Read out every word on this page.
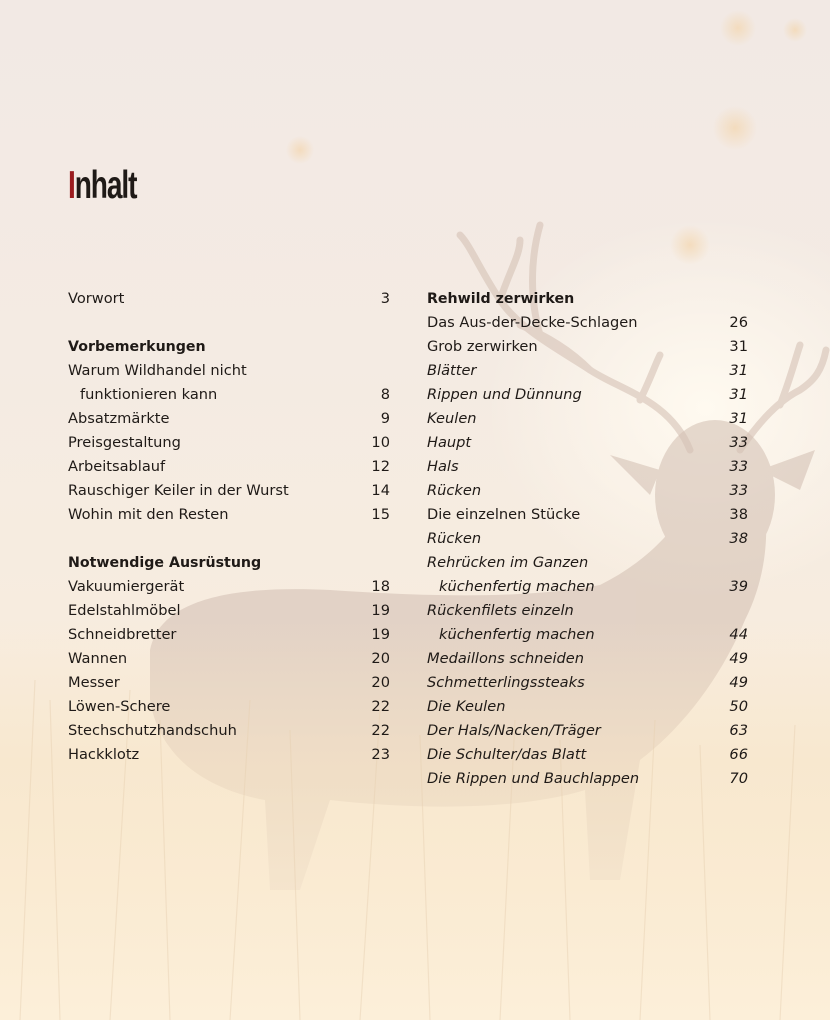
Inhalt
Vorwort	3
Vorbemerkungen
Warum Wildhandel nicht
funktionieren kann	8
Absatzmärkte	9
Preisgestaltung	10
Arbeitsablauf	12
Rauschiger Keiler in der Wurst	14
Wohin mit den Resten	15
Notwendige Ausrüstung
Vakuumiergerät	18
Edelstahlmöbel	19
Schneidbretter	19
Wannen	20
Messer	20
Löwen-Schere	22
Stechschutzhandschuh	22
Hackklotz	23
Rehwild zerwirken
Das Aus-der-Decke-Schlagen	26
Grob zerwirken	31
Blätter	31
Rippen und Dünnung	31
Keulen	31
Haupt	33
Hals	33
Rücken	33
Die einzelnen Stücke	38
Rücken	38
Rehrücken im Ganzen
küchenfertig machen	39
Rückenfilets einzeln
küchenfertig machen	44
Medaillons schneiden	49
Schmetterlingssteaks	49
Die Keulen	50
Der Hals/Nacken/Träger	63
Die Schulter/das Blatt	66
Die Rippen und Bauchlappen	70
